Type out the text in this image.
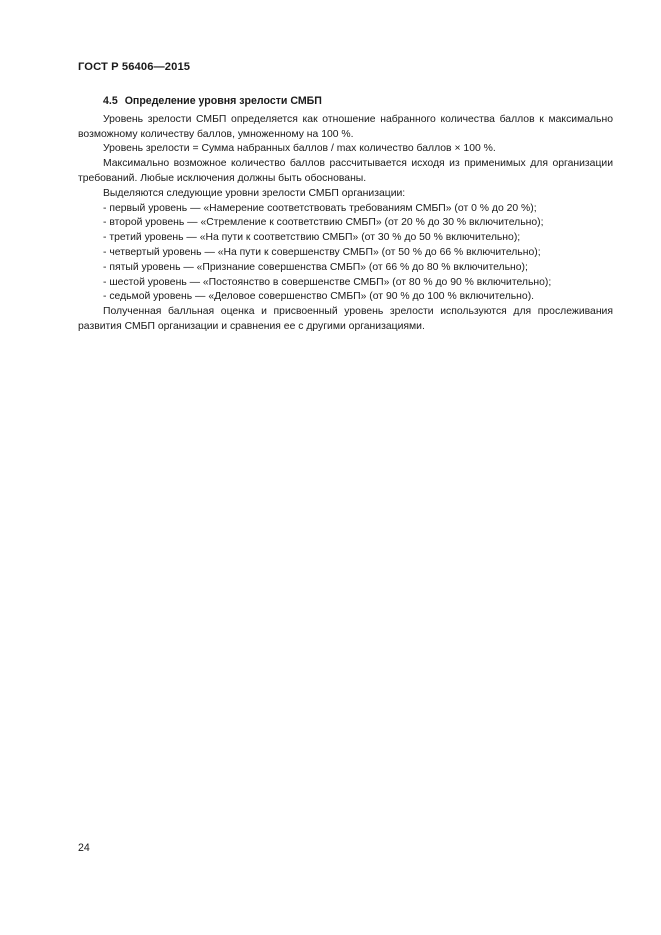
ГОСТ Р 56406—2015
4.5 Определение уровня зрелости СМБП

Уровень зрелости СМБП определяется как отношение набранного количества баллов к максимально возможному количеству баллов, умноженному на 100 %.

Уровень зрелости = Сумма набранных баллов / max количество баллов × 100 %.

Максимально возможное количество баллов рассчитывается исходя из применимых для организации требований. Любые исключения должны быть обоснованы.

Выделяются следующие уровни зрелости СМБП организации:

- первый уровень — «Намерение соответствовать требованиям СМБП» (от 0 % до 20 %);
- второй уровень — «Стремление к соответствию СМБП» (от 20 % до 30 % включительно);
- третий уровень — «На пути к соответствию СМБП» (от 30 % до 50 % включительно);
- четвертый уровень — «На пути к совершенству СМБП» (от 50 % до 66 % включительно);
- пятый уровень — «Признание совершенства СМБП» (от 66 % до 80 % включительно);
- шестой уровень — «Постоянство в совершенстве СМБП» (от 80 % до 90 % включительно);
- седьмой уровень — «Деловое совершенство СМБП» (от 90 % до 100 % включительно).

Полученная балльная оценка и присвоенный уровень зрелости используются для прослеживания развития СМБП организации и сравнения ее с другими организациями.

24
